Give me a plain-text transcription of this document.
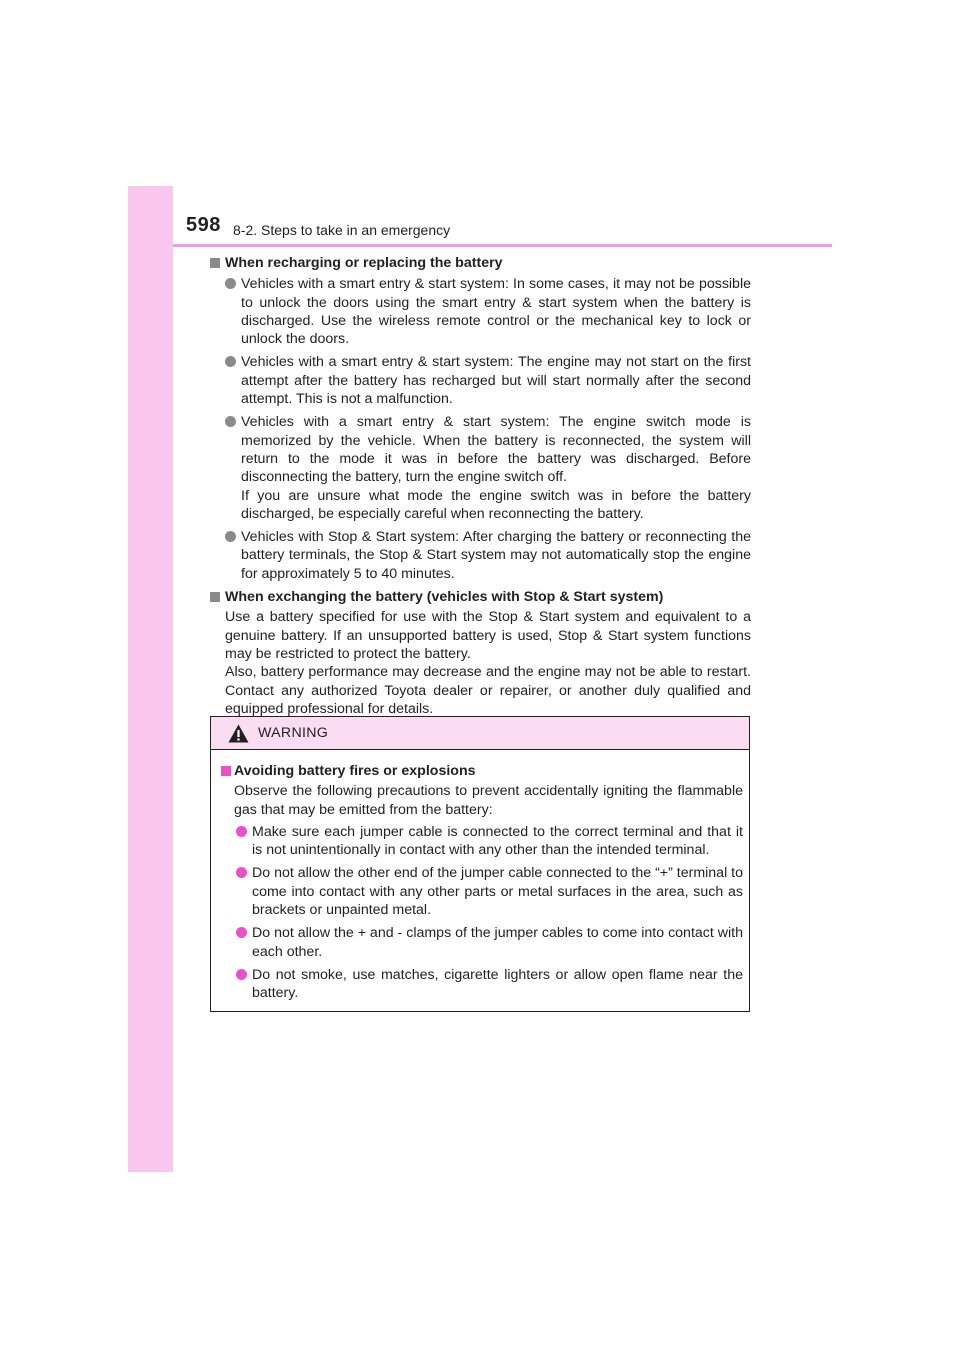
598 8-2. Steps to take in an emergency
When recharging or replacing the battery

Vehicles with a smart entry & start system: In some cases, it may not be possible to unlock the doors using the smart entry & start system when the battery is discharged. Use the wireless remote control or the mechanical key to lock or unlock the doors.

Vehicles with a smart entry & start system: The engine may not start on the first attempt after the battery has recharged but will start normally after the second attempt. This is not a malfunction.

Vehicles with a smart entry & start system: The engine switch mode is memorized by the vehicle. When the battery is reconnected, the system will return to the mode it was in before the battery was discharged. Before disconnecting the battery, turn the engine switch off.

If you are unsure what mode the engine switch was in before the battery discharged, be especially careful when reconnecting the battery.

Vehicles with Stop & Start system: After charging the battery or reconnecting the battery terminals, the Stop & Start system may not automatically stop the engine for approximately 5 to 40 minutes.

When exchanging the battery (vehicles with Stop & Start system)

Use a battery specified for use with the Stop & Start system and equivalent to a genuine battery. If an unsupported battery is used, Stop & Start system functions may be restricted to protect the battery.

Also, battery performance may decrease and the engine may not be able to restart. Contact any authorized Toyota dealer or repairer, or another duly qualified and equipped professional for details.

WARNING
Avoiding battery fires or explosions

Observe the following precautions to prevent accidentally igniting the flammable gas that may be emitted from the battery:

Make sure each jumper cable is connected to the correct terminal and that it is not unintentionally in contact with any other than the intended terminal.

Do not allow the other end of the jumper cable connected to the “+” terminal to come into contact with any other parts or metal surfaces in the area, such as brackets or unpainted metal.

Do not allow the + and - clamps of the jumper cables to come into contact with each other.

Do not smoke, use matches, cigarette lighters or allow open flame near the battery.
